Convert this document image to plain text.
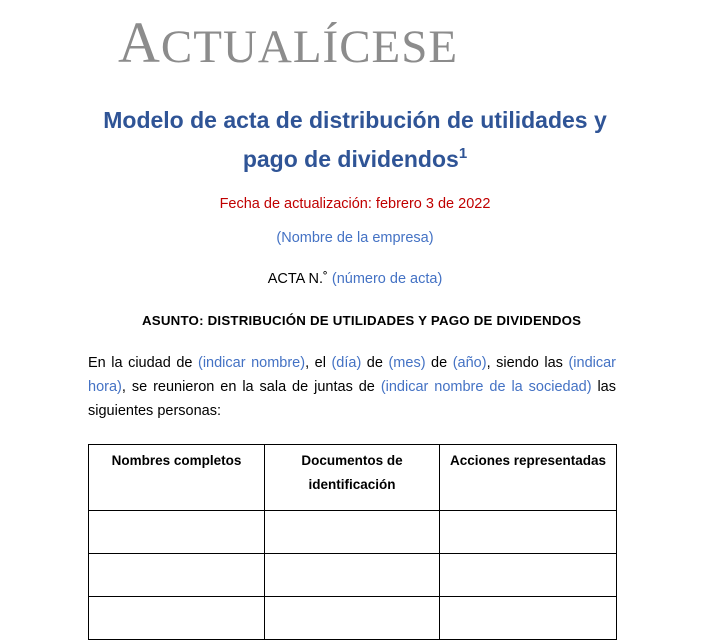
ACTUALÍCESE
Modelo de acta de distribución de utilidades y
pago de dividendos$^1$
Fecha de actualización: febrero 3 de 2022
(Nombre de la empresa)
ACTA N.˚ (número de acta)
ASUNTO: DISTRIBUCIÓN DE UTILIDADES Y PAGO DE DIVIDENDOS
En la ciudad de (indicar nombre), el (día) de (mes) de (año), siendo las (indicar hora), se reunieron en la sala de juntas de (indicar nombre de la sociedad) las siguientes personas:
Nombres completos	Documentos de identificación	Acciones representadas
